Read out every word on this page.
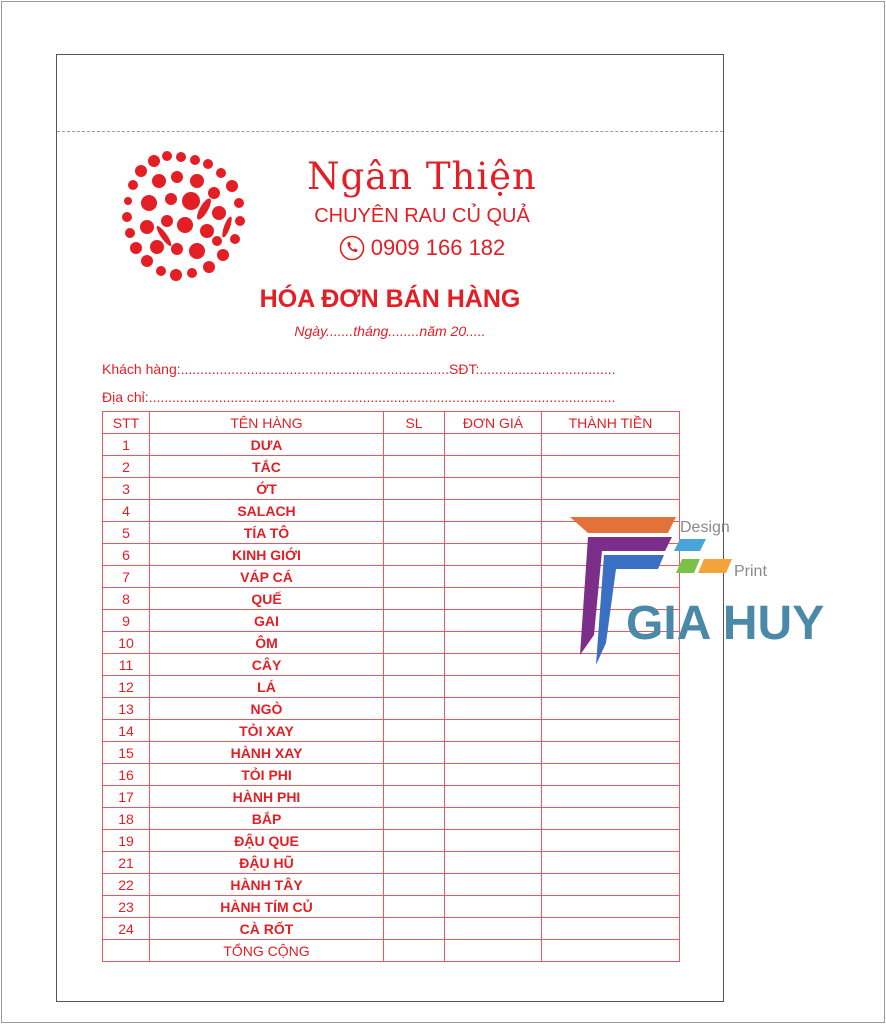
Ngân Thiện
CHUYÊN RAU CỦ QUẢ
0909 166 182
HÓA ĐƠN BÁN HÀNG
Ngày.......tháng........năm 20.....
Khách hàng:.....................................................................SĐT:...................................
Địa chỉ:........................................................................................................................
STT	TÊN HÀNG	SL	ĐƠN GIÁ	THÀNH TIỀN
1	DƯA			
2	TẮC			
3	ỚT			
4	SALACH			
5	TÍA TÔ			
6	KINH GIỚI			
7	VÁP CÁ			
8	QUẾ			
9	GAI			
10	ÔM			
11	CÂY			
12	LÁ			
13	NGÒ			
14	TỎI XAY			
15	HÀNH XAY			
16	TỎI PHI			
17	HÀNH PHI			
18	BẮP			
19	ĐẬU QUE			
21	ĐẬU HŨ			
22	HÀNH TÂY			
23	HÀNH TÍM CỦ			
24	CÀ RỐT			
	TỔNG CỘNG			
Design
Print
GIA HUY
